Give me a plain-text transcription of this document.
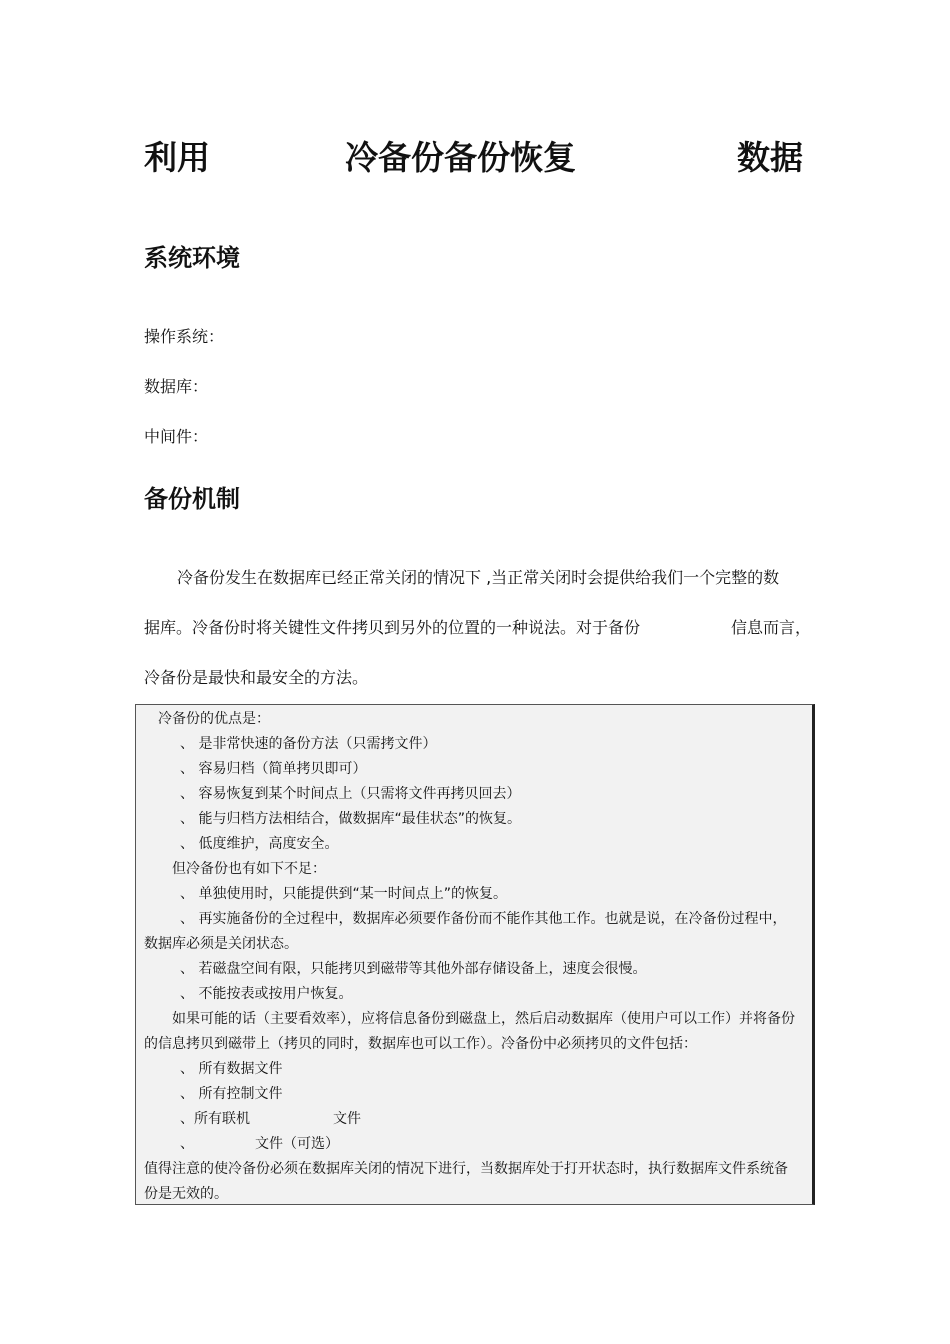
利用	冷备份备份恢复	数据
系统环境

操作系统：

数据库：

中间件：

备份机制

冷备份发生在数据库已经正常关闭的情况下 ,当正常关闭时会提供给我们一个完整的数

据库。冷备份时将关键性文件拷贝到另外的位置的一种说法。对于备份	信息而言，

冷备份是最快和最安全的方法。

冷备份的优点是：
、 是非常快速的备份方法（只需拷文件）
、 容易归档（简单拷贝即可）
、 容易恢复到某个时间点上（只需将文件再拷贝回去）
、 能与归档方法相结合，做数据库“最佳状态”的恢复。
、 低度维护，高度安全。
但冷备份也有如下不足：
、 单独使用时，只能提供到“某一时间点上”的恢复。
、 再实施备份的全过程中，数据库必须要作备份而不能作其他工作。也就是说，在冷备份过程中，
数据库必须是关闭状态。
、 若磁盘空间有限，只能拷贝到磁带等其他外部存储设备上，速度会很慢。
、 不能按表或按用户恢复。
如果可能的话（主要看效率），应将信息备份到磁盘上，然后启动数据库（使用户可以工作）并将备份
的信息拷贝到磁带上（拷贝的同时，数据库也可以工作）。冷备份中必须拷贝的文件包括：
、 所有数据文件
、 所有控制文件
、所有联机	文件
、	文件（可选）
值得注意的使冷备份必须在数据库关闭的情况下进行，当数据库处于打开状态时，执行数据库文件系统备
份是无效的。
